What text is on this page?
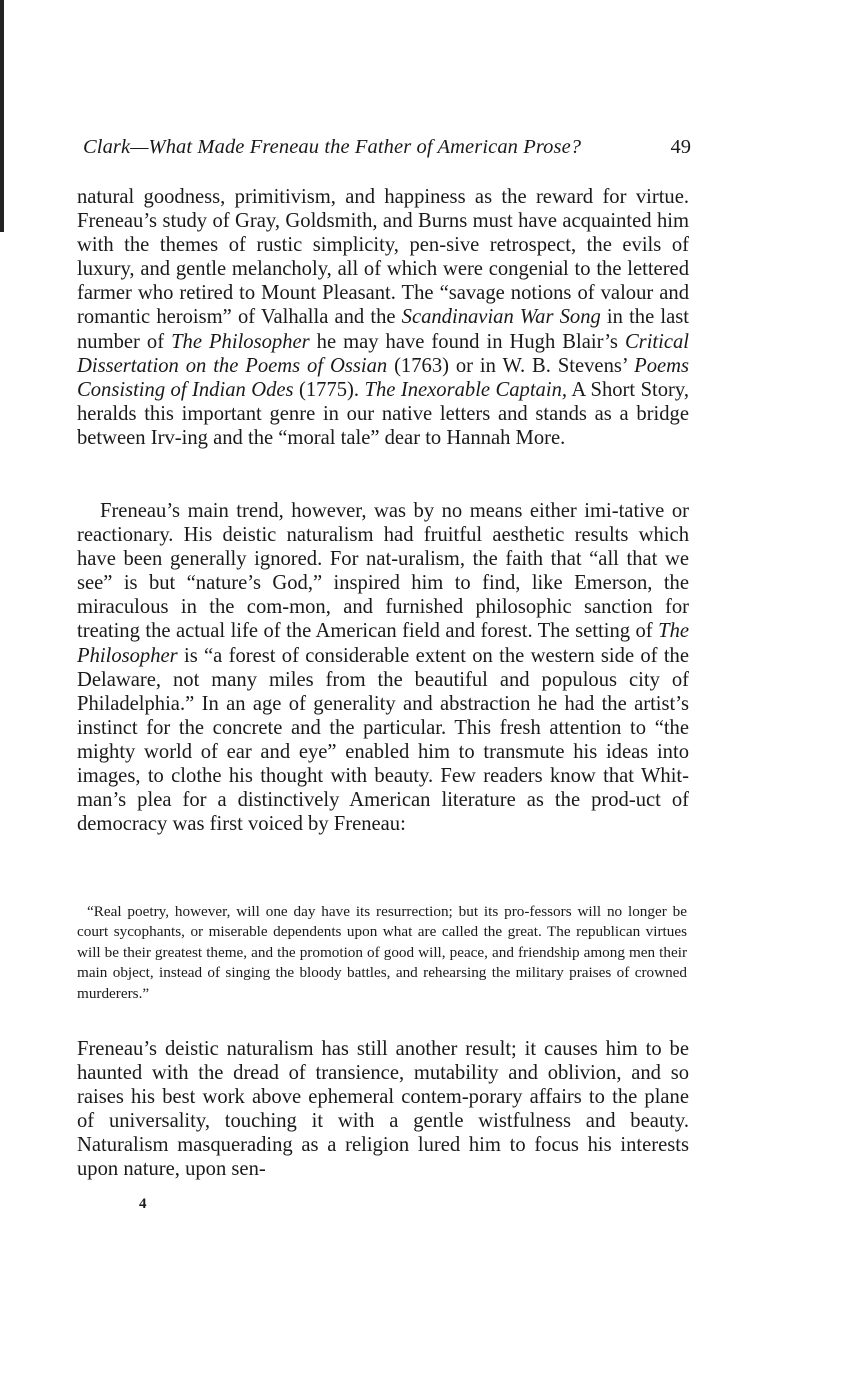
Clark—What Made Freneau the Father of American Prose?	49

natural goodness, primitivism, and happiness as the reward for virtue. Freneau’s study of Gray, Goldsmith, and Burns must have acquainted him with the themes of rustic simplicity, pen-sive retrospect, the evils of luxury, and gentle melancholy, all of which were congenial to the lettered farmer who retired to Mount Pleasant. The “savage notions of valour and romantic heroism” of Valhalla and the Scandinavian War Song in the last number of The Philosopher he may have found in Hugh Blair’s Critical Dissertation on the Poems of Ossian (1763) or in W. B. Stevens’ Poems Consisting of Indian Odes (1775). The Inexorable Captain, A Short Story, heralds this important genre in our native letters and stands as a bridge between Irv-ing and the “moral tale” dear to Hannah More.

Freneau’s main trend, however, was by no means either imi-tative or reactionary. His deistic naturalism had fruitful aesthetic results which have been generally ignored. For nat-uralism, the faith that “all that we see” is but “nature’s God,” inspired him to find, like Emerson, the miraculous in the com-mon, and furnished philosophic sanction for treating the actual life of the American field and forest. The setting of The Philosopher is “a forest of considerable extent on the western side of the Delaware, not many miles from the beautiful and populous city of Philadelphia.” In an age of generality and abstraction he had the artist’s instinct for the concrete and the particular. This fresh attention to “the mighty world of ear and eye” enabled him to transmute his ideas into images, to clothe his thought with beauty. Few readers know that Whit-man’s plea for a distinctively American literature as the prod-uct of democracy was first voiced by Freneau:

“Real poetry, however, will one day have its resurrection; but its pro-fessors will no longer be court sycophants, or miserable dependents upon what are called the great. The republican virtues will be their greatest theme, and the promotion of good will, peace, and friendship among men their main object, instead of singing the bloody battles, and rehearsing the military praises of crowned murderers.”

Freneau’s deistic naturalism has still another result; it causes him to be haunted with the dread of transience, mutability and oblivion, and so raises his best work above ephemeral contem-porary affairs to the plane of universality, touching it with a gentle wistfulness and beauty. Naturalism masquerading as a religion lured him to focus his interests upon nature, upon sen-

4
